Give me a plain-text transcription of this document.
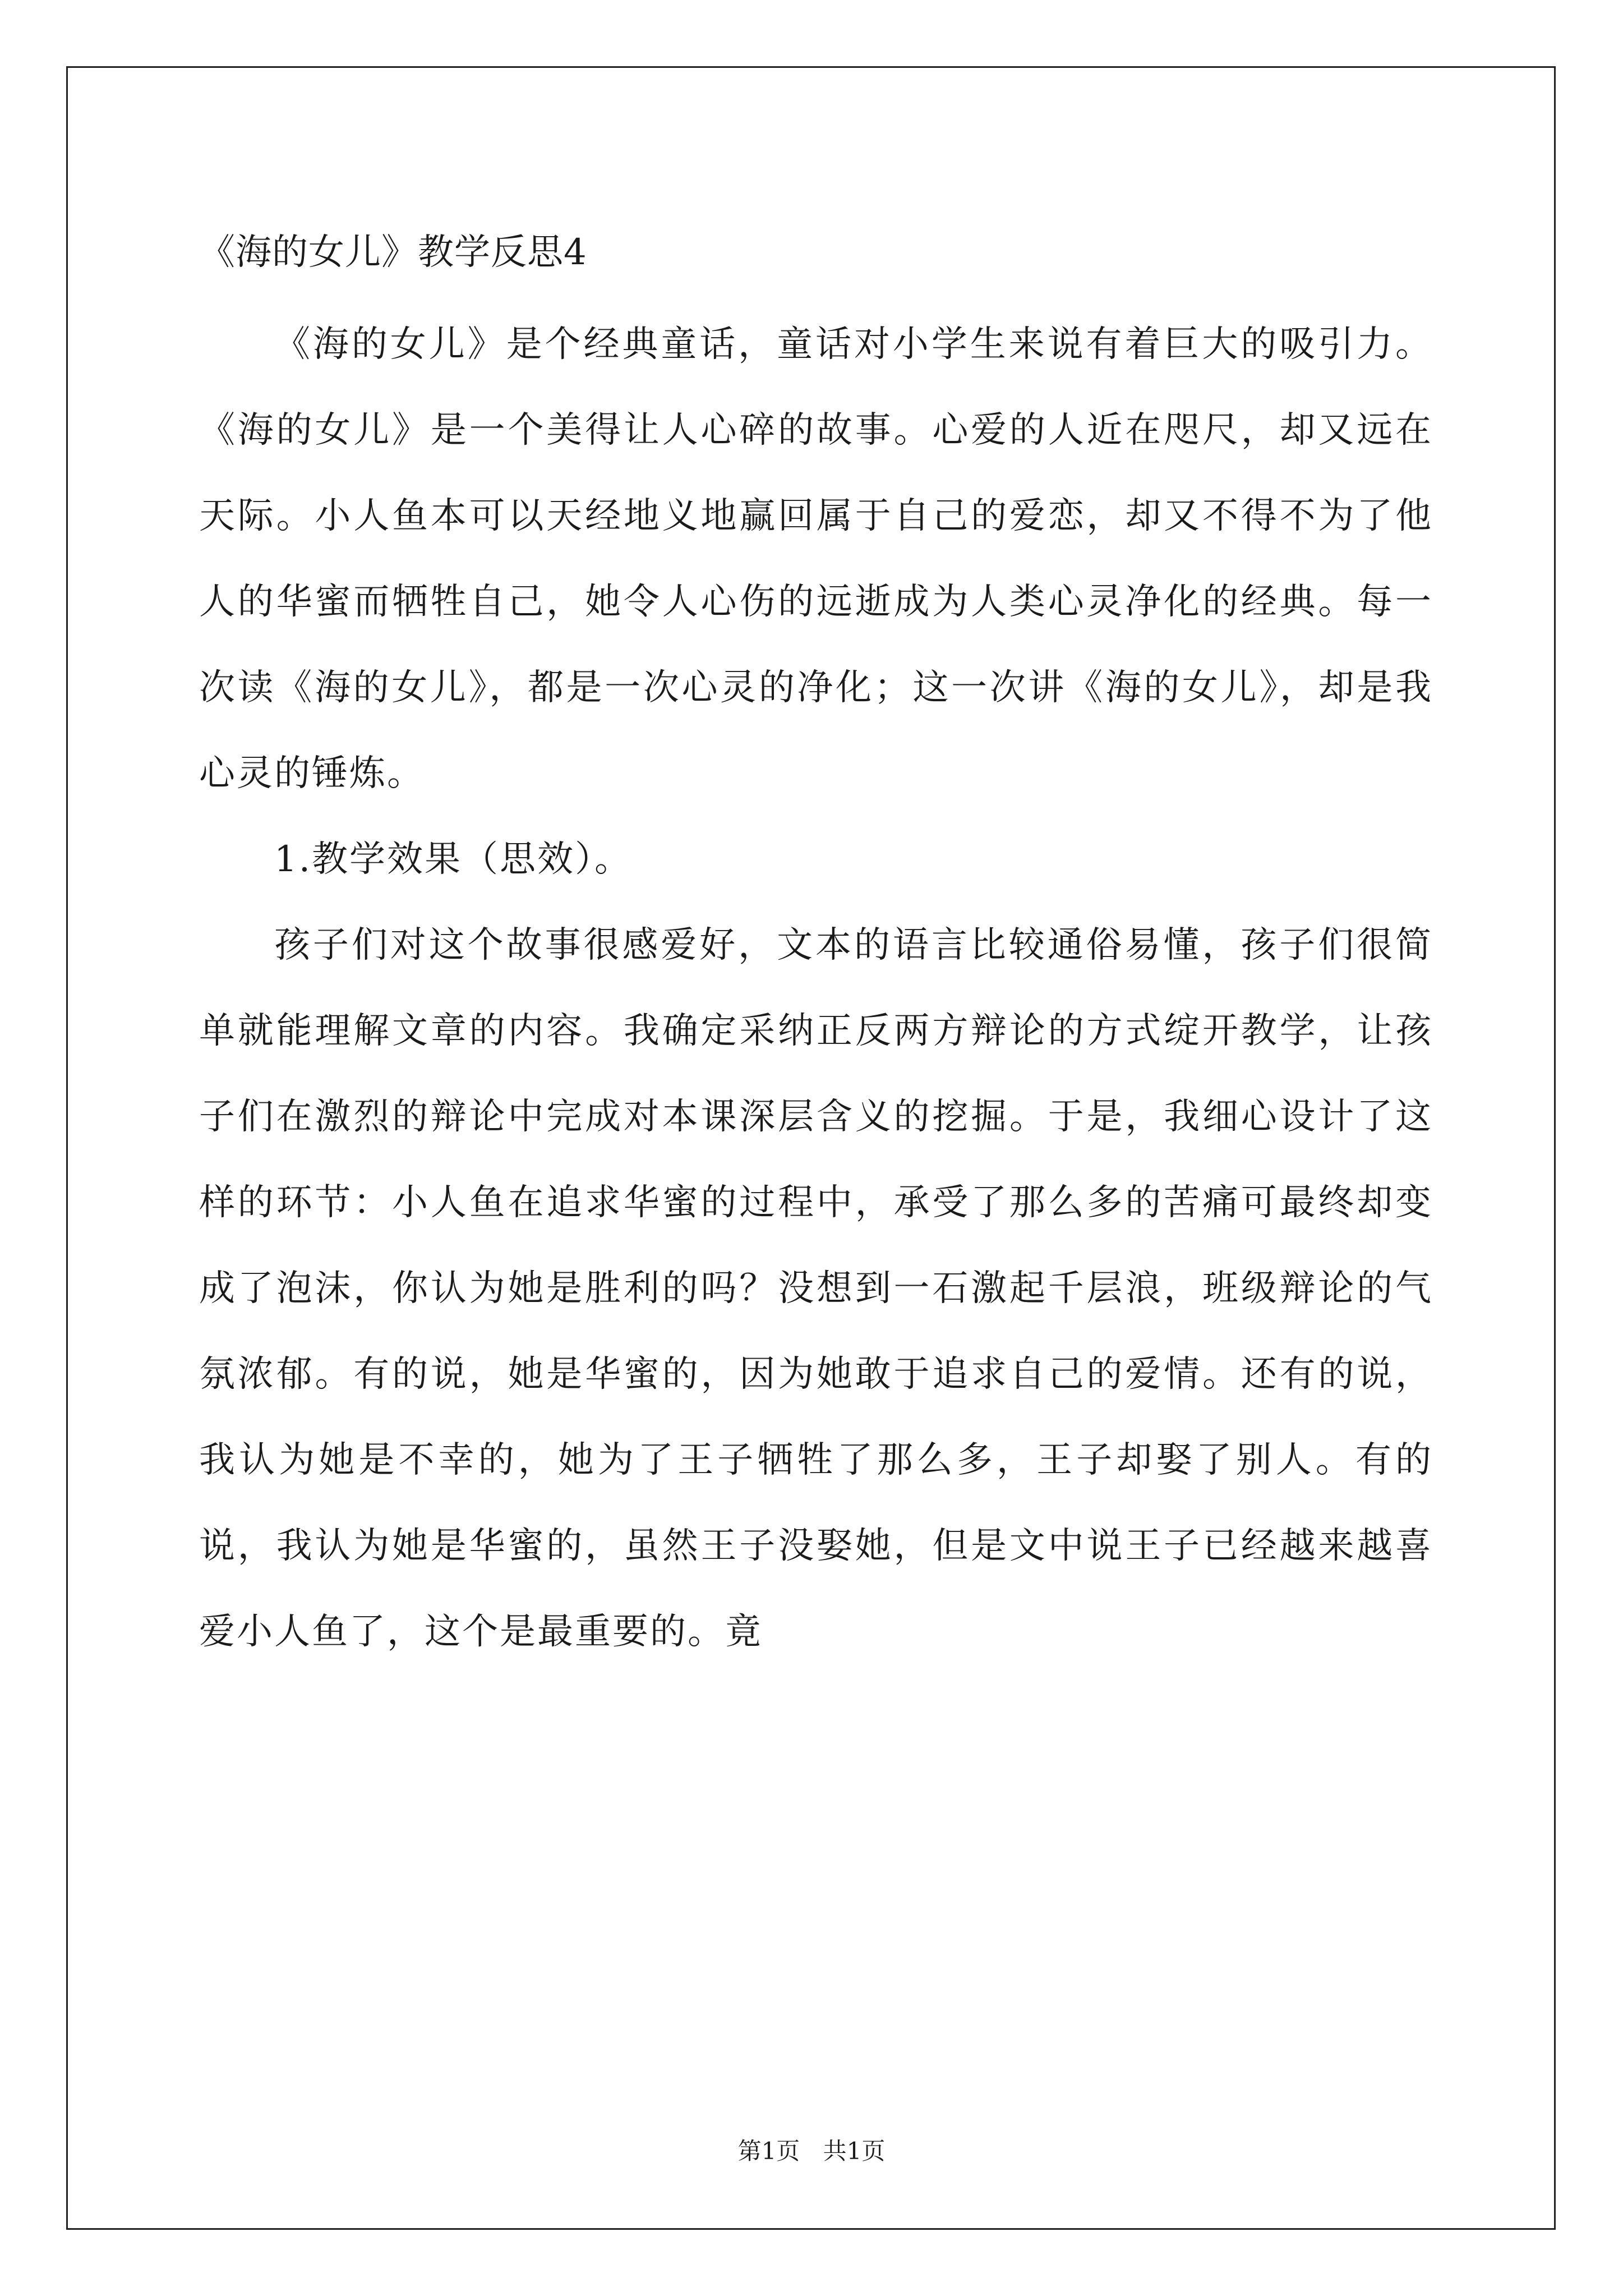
《海的女儿》教学反思4

《海的女儿》是个经典童话，童话对小学生来说有着巨大的吸引力。《海的女儿》是一个美得让人心碎的故事。心爱的人近在咫尺，却又远在天际。小人鱼本可以天经地义地赢回属于自己的爱恋，却又不得不为了他人的华蜜而牺牲自己，她令人心伤的远逝成为人类心灵净化的经典。每一次读《海的女儿》，都是一次心灵的净化；这一次讲《海的女儿》，却是我心灵的锤炼。

1.教学效果（思效）。

孩子们对这个故事很感爱好，文本的语言比较通俗易懂，孩子们很简单就能理解文章的内容。我确定采纳正反两方辩论的方式绽开教学，让孩子们在激烈的辩论中完成对本课深层含义的挖掘。于是，我细心设计了这样的环节：小人鱼在追求华蜜的过程中，承受了那么多的苦痛可最终却变成了泡沫，你认为她是胜利的吗？没想到一石激起千层浪，班级辩论的气氛浓郁。有的说，她是华蜜的，因为她敢于追求自己的爱情。还有的说，我认为她是不幸的，她为了王子牺牲了那么多，王子却娶了别人。有的说，我认为她是华蜜的，虽然王子没娶她，但是文中说王子已经越来越喜爱小人鱼了，这个是最重要的。竟

第1页 共1页
